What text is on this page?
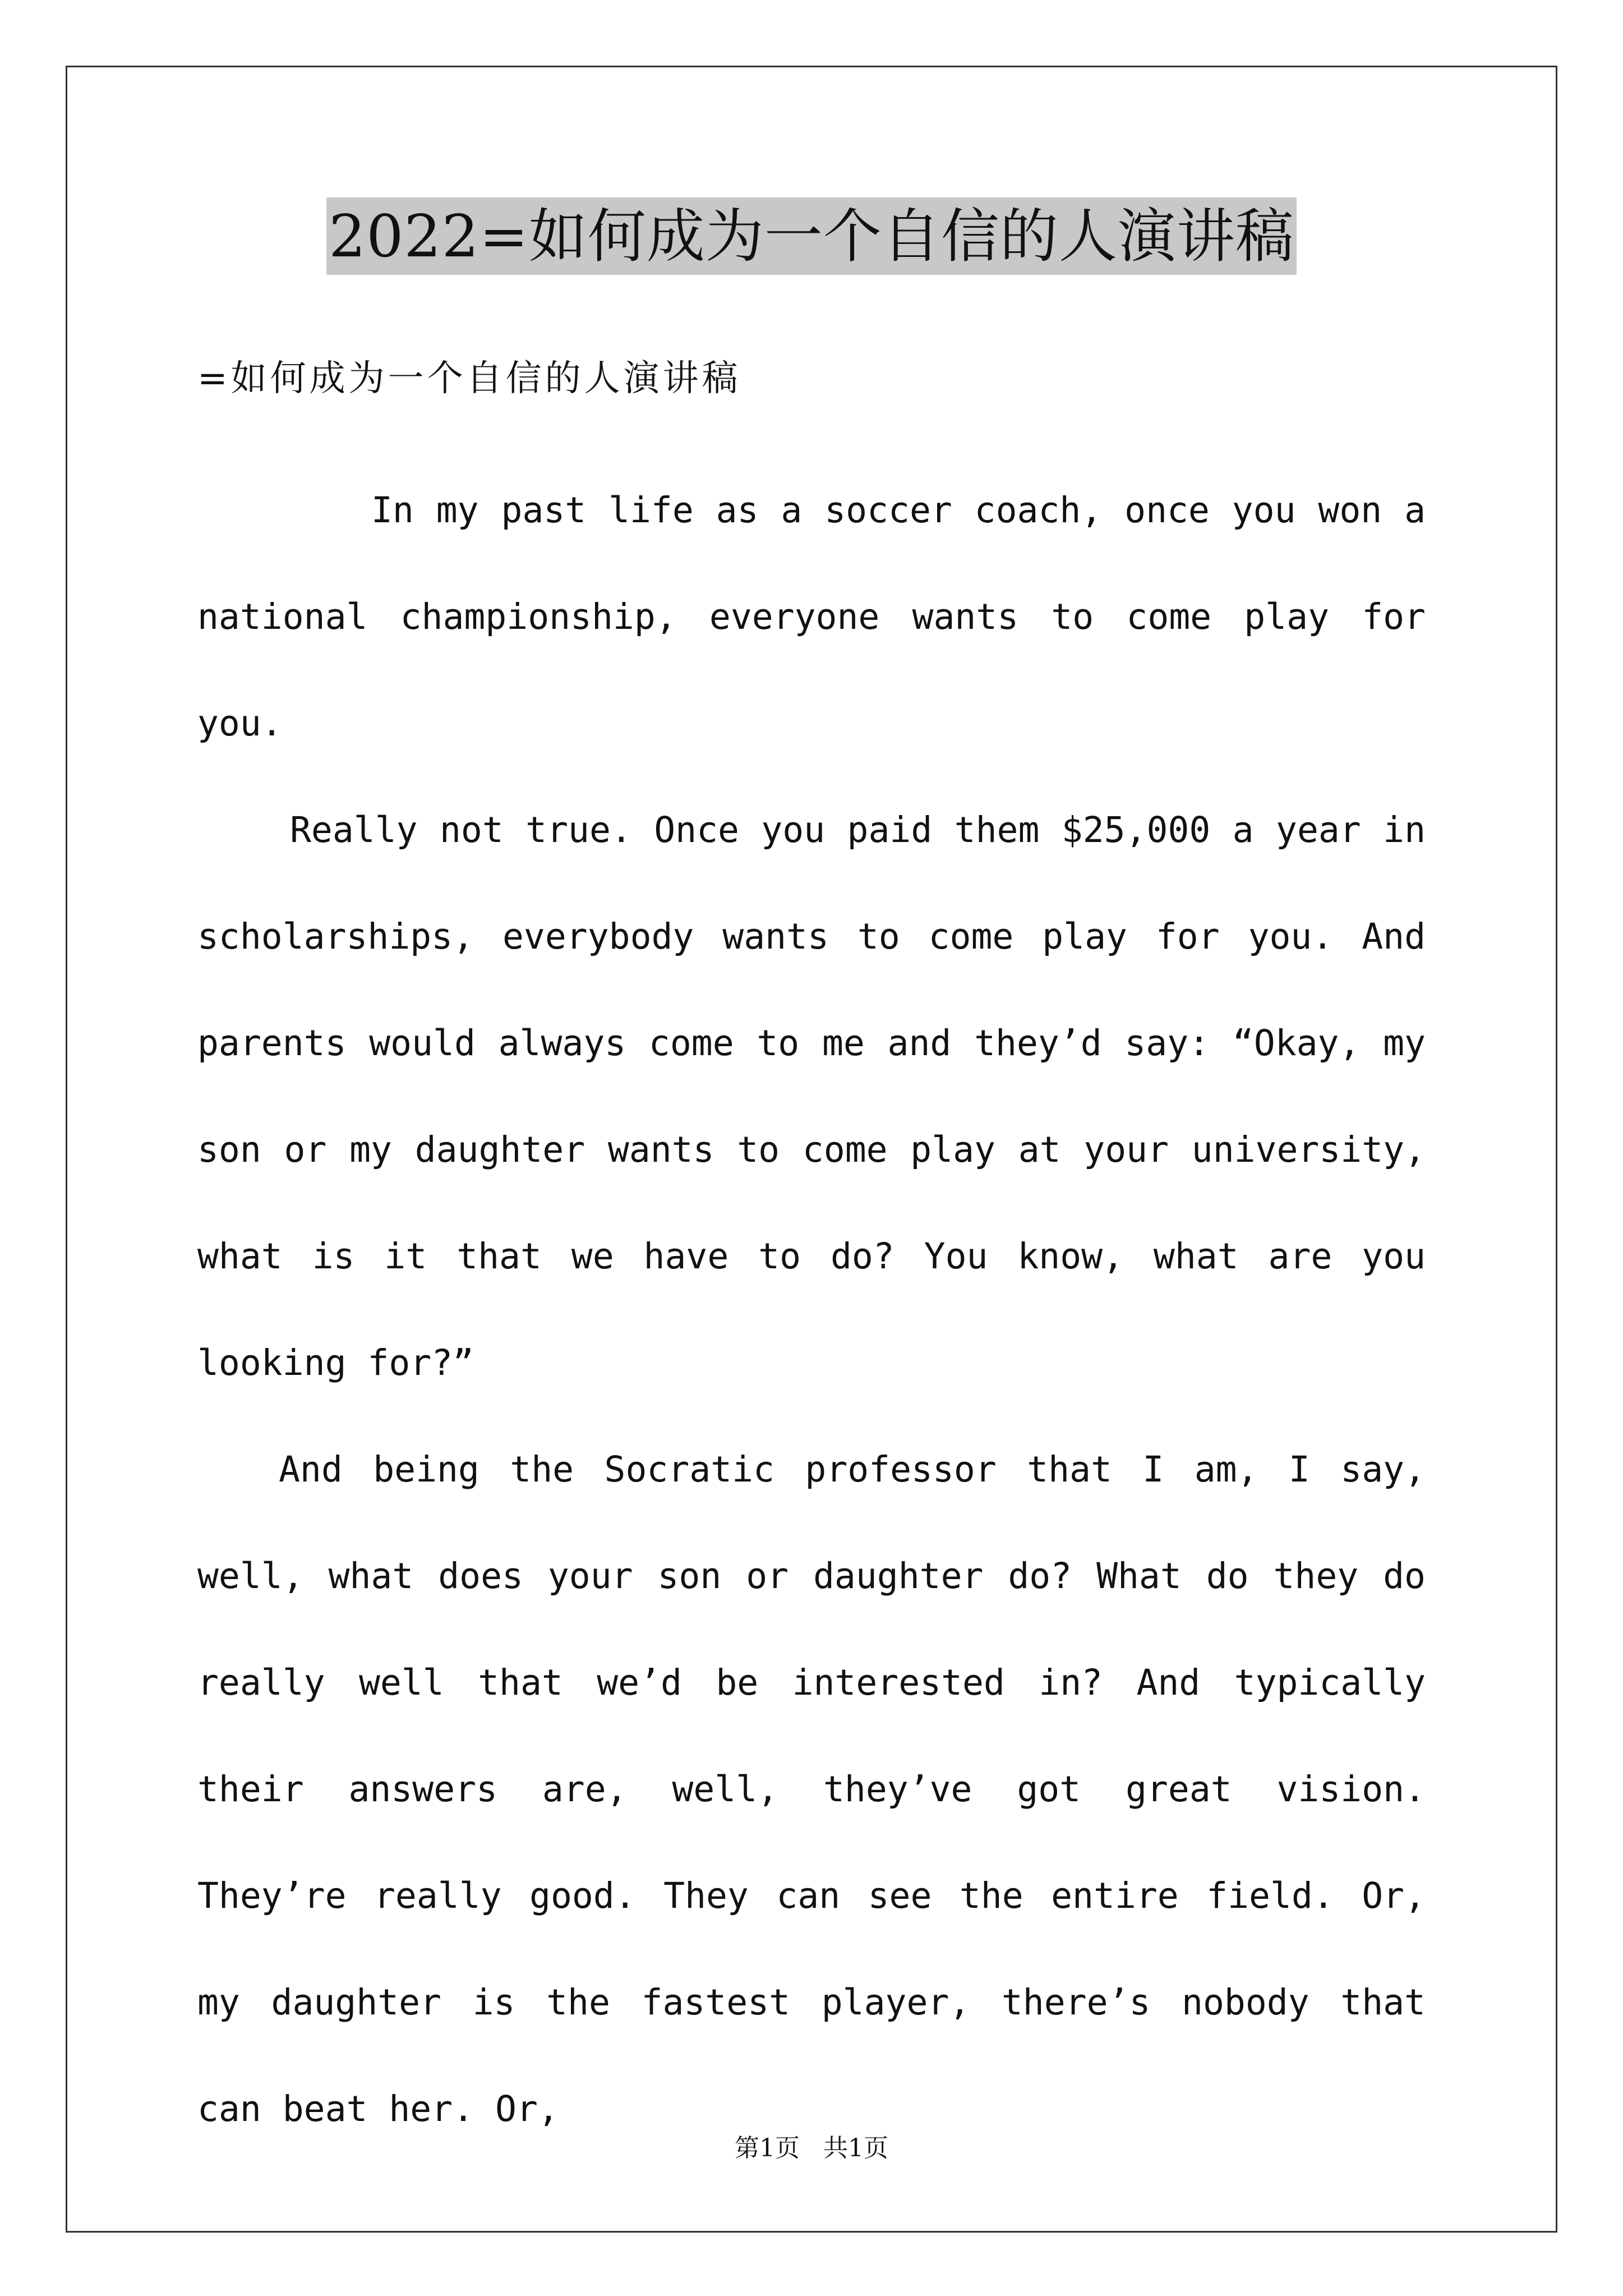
2022=如何成为一个自信的人演讲稿
=如何成为一个自信的人演讲稿

In my past life as a soccer coach, once you won a national championship, everyone wants to come play for you.

Really not true. Once you paid them $25,000 a year in scholarships, everybody wants to come play for you. And parents would always come to me and they’d say: “Okay, my son or my daughter wants to come play at your university, what is it that we have to do? You know, what are you looking for?”

And being the Socratic professor that I am, I say, well, what does your son or daughter do? What do they do really well that we’d be interested in? And typically their answers are, well, they’ve got great vision. They’re really good. They can see the entire field. Or, my daughter is the fastest player, there’s nobody that can beat her. Or,

第1页   共1页
